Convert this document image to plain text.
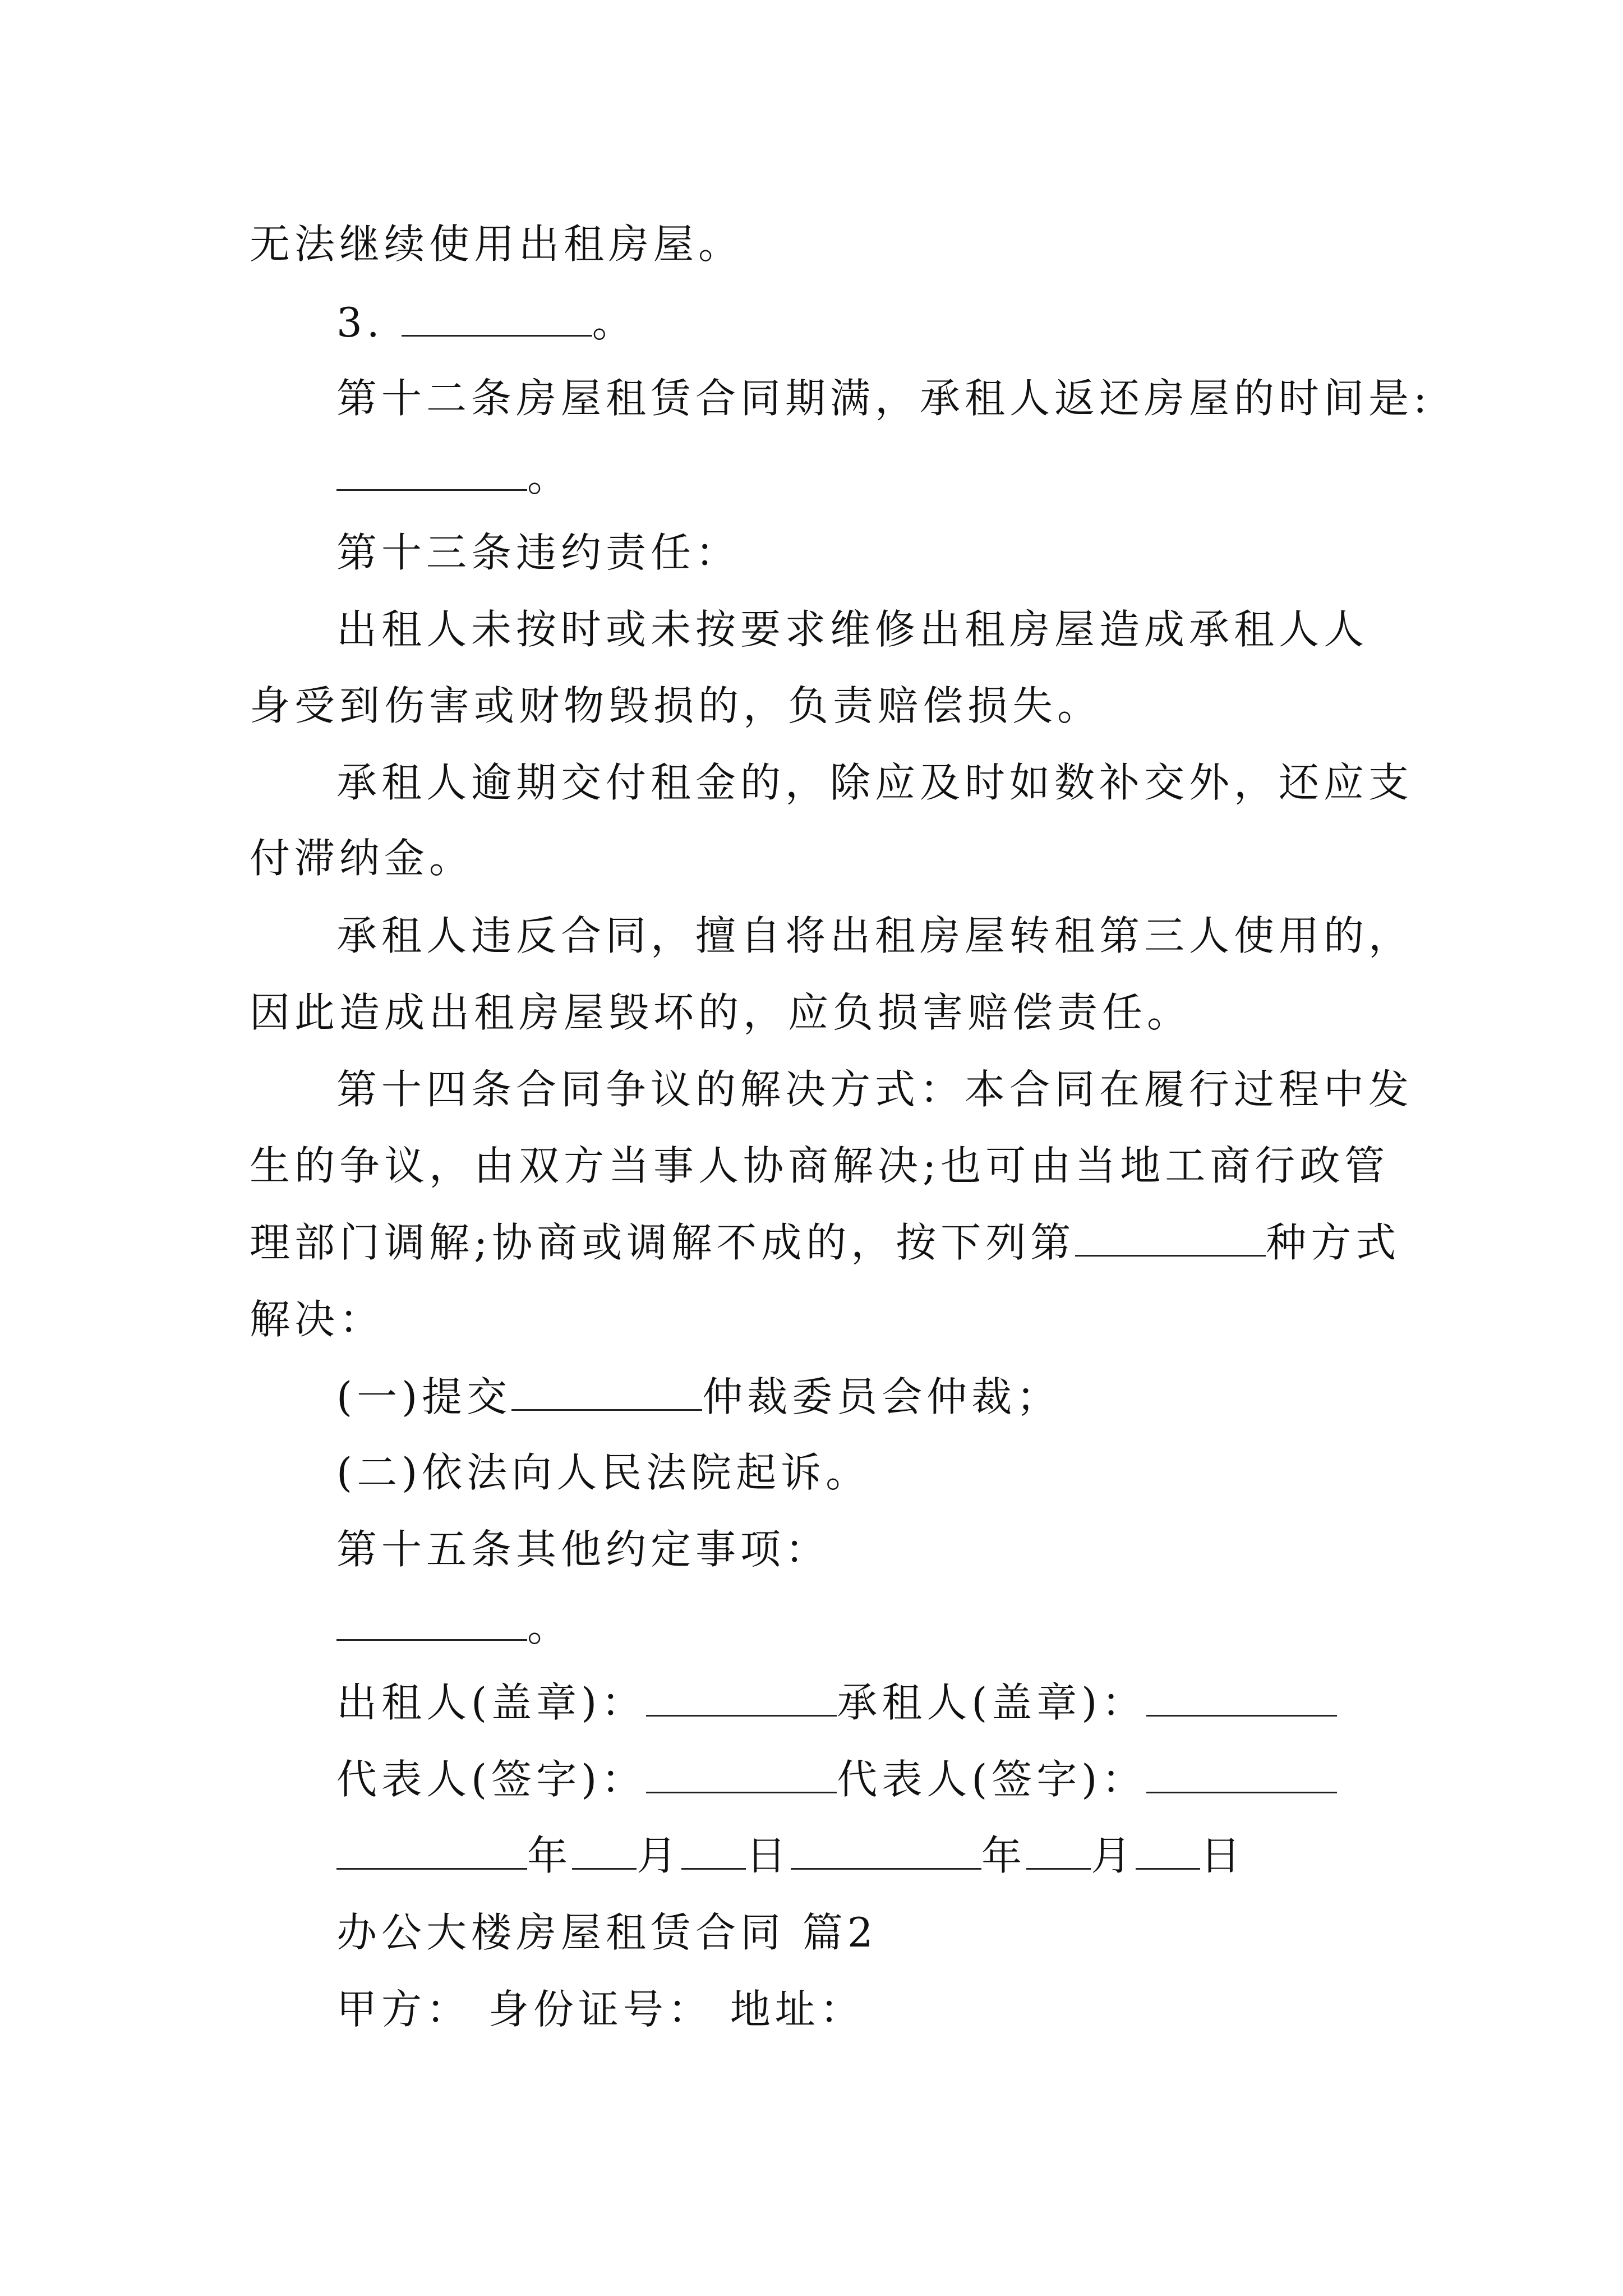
无法继续使用出租房屋。
3.	。
第十二条房屋租赁合同期满，承租人返还房屋的时间是:
。
第十三条违约责任：
出租人未按时或未按要求维修出租房屋造成承租人人
身受到伤害或财物毁损的，负责赔偿损失。
承租人逾期交付租金的，除应及时如数补交外，还应支
付滞纳金。
承租人违反合同，擅自将出租房屋转租第三人使用的，
因此造成出租房屋毁坏的，应负损害赔偿责任。
第十四条合同争议的解决方式：本合同在履行过程中发
生的争议，由双方当事人协商解决;也可由当地工商行政管
理部门调解;协商或调解不成的，按下列第	种方式
解决：
(一)提交	仲裁委员会仲裁；
(二)依法向人民法院起诉。
第十五条其他约定事项：
。
出租人(盖章)：	承租人(盖章)：
代表人(签字)：	代表人(签字)：
年 月 日	年 月 日
办公大楼房屋租赁合同 篇2
甲方： 身份证号： 地址：
